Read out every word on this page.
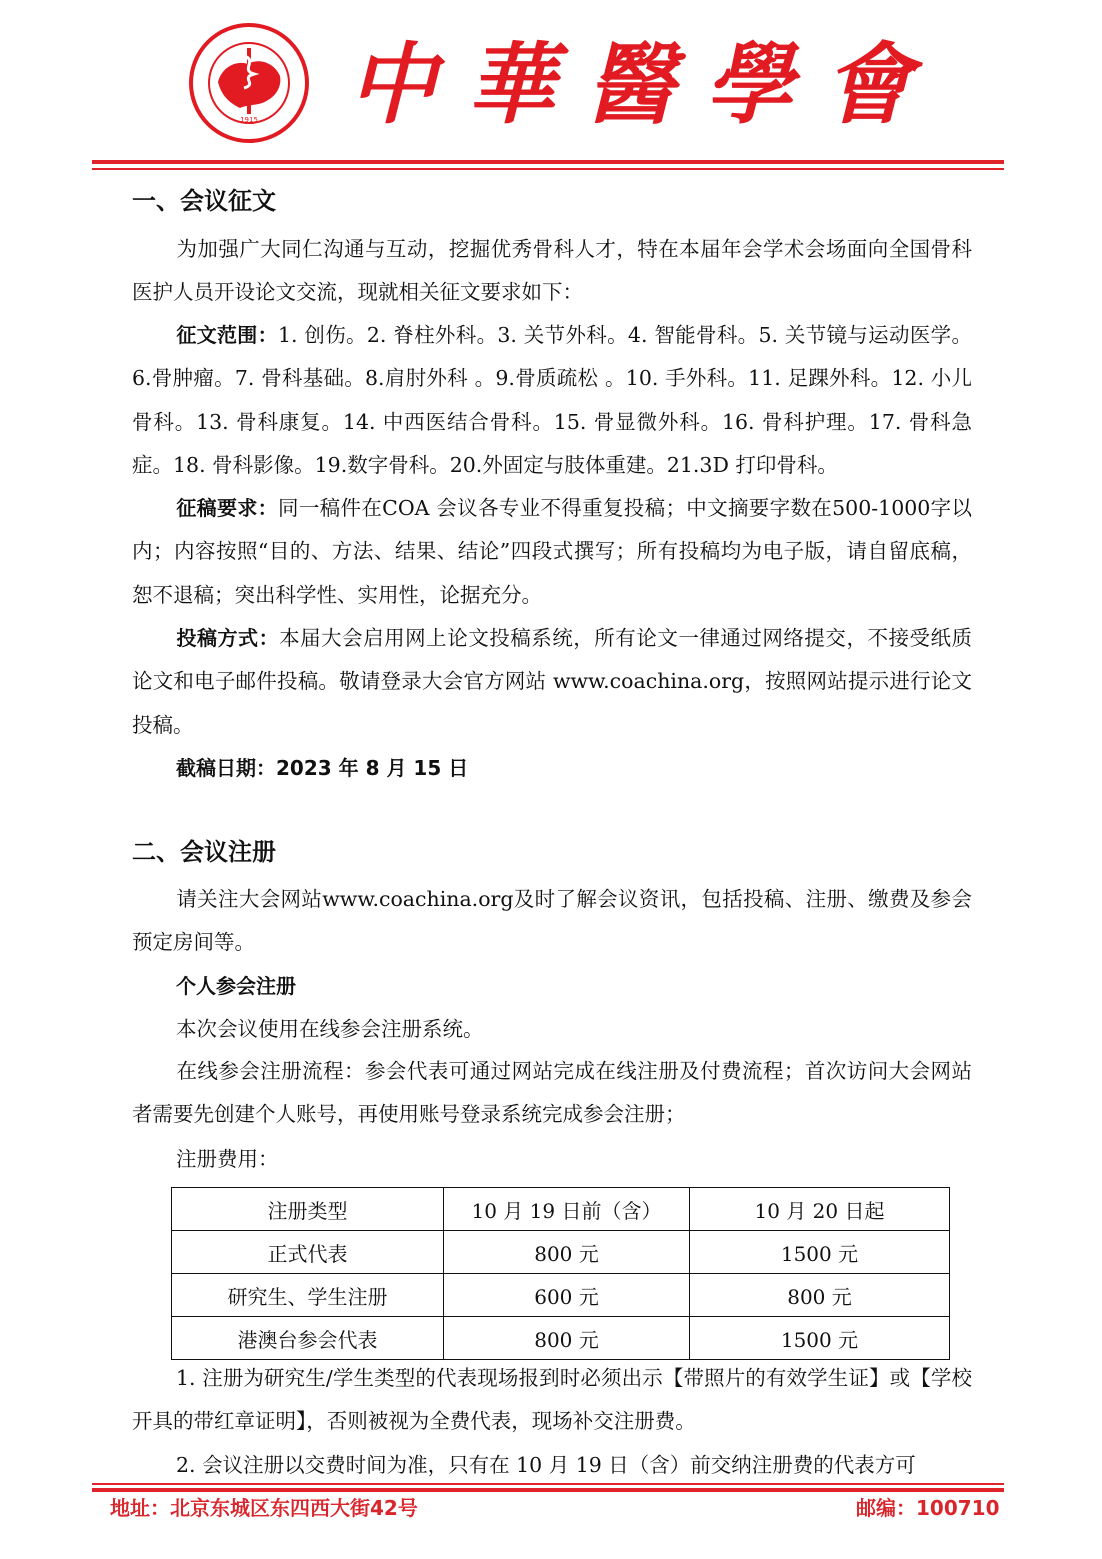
1915 中 華 醫 學 會
一、会议征文
为加强广大同仁沟通与互动，挖掘优秀骨科人才，特在本届年会学术会场面向全国骨科医护人员开设论文交流，现就相关征文要求如下：
征文范围：1. 创伤。2. 脊柱外科。3. 关节外科。4. 智能骨科。5. 关节镜与运动医学。6.骨肿瘤。7. 骨科基础。8.肩肘外科 。9.骨质疏松 。10. 手外科。11. 足踝外科。12. 小儿骨科。13. 骨科康复。14. 中西医结合骨科。15. 骨显微外科。16. 骨科护理。17. 骨科急症。18. 骨科影像。19.数字骨科。20.外固定与肢体重建。21.3D 打印骨科。
征稿要求：同一稿件在COA 会议各专业不得重复投稿；中文摘要字数在500-1000字以内；内容按照“目的、方法、结果、结论”四段式撰写；所有投稿均为电子版，请自留底稿，恕不退稿；突出科学性、实用性，论据充分。
投稿方式：本届大会启用网上论文投稿系统，所有论文一律通过网络提交，不接受纸质论文和电子邮件投稿。敬请登录大会官方网站 www.coachina.org，按照网站提示进行论文投稿。
截稿日期：2023 年 8 月 15 日
二、会议注册
请关注大会网站www.coachina.org及时了解会议资讯，包括投稿、注册、缴费及参会预定房间等。
个人参会注册
本次会议使用在线参会注册系统。
在线参会注册流程：参会代表可通过网站完成在线注册及付费流程；首次访问大会网站者需要先创建个人账号，再使用账号登录系统完成参会注册；
注册费用：
注册类型	10 月 19 日前（含）	10 月 20 日起
正式代表	800 元	1500 元
研究生、学生注册	600 元	800 元
港澳台参会代表	800 元	1500 元
1. 注册为研究生/学生类型的代表现场报到时必须出示【带照片的有效学生证】或【学校开具的带红章证明】，否则被视为全费代表，现场补交注册费。
2. 会议注册以交费时间为准，只有在 10 月 19 日（含）前交纳注册费的代表方可
地址：北京东城区东四西大街42号	邮编：100710
